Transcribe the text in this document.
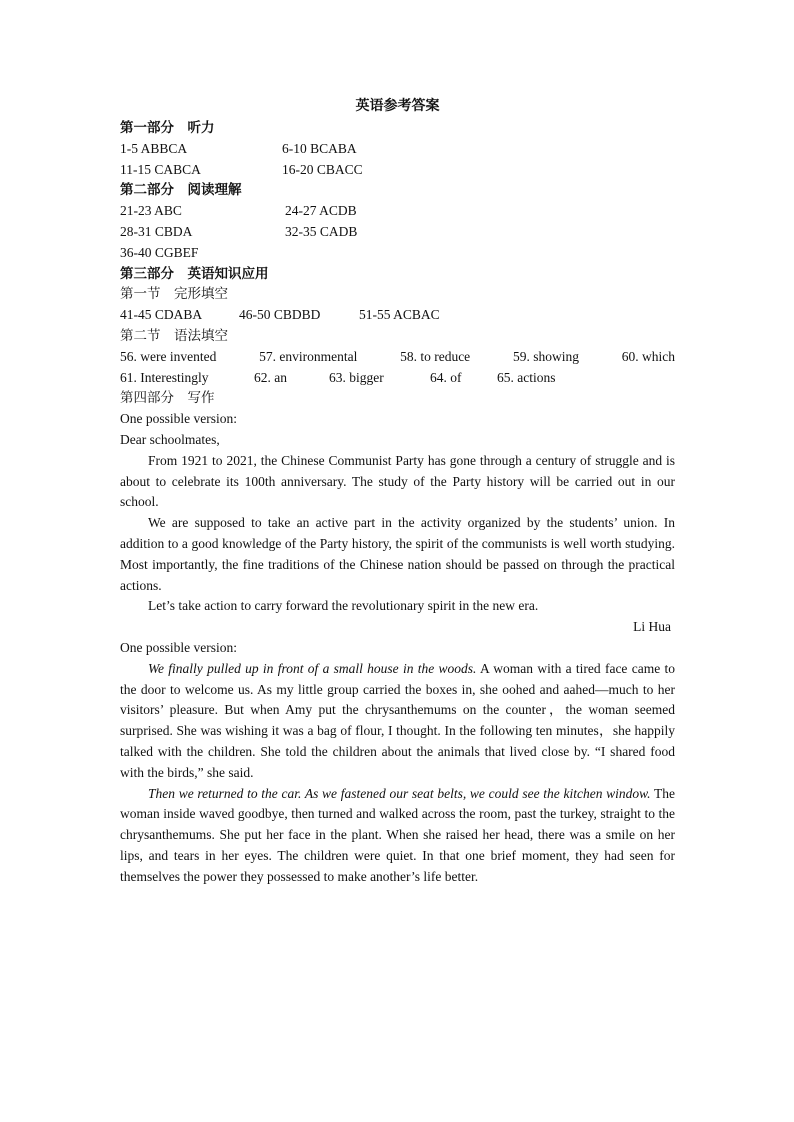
英语参考答案
第一部分　听力
1-5 ABBCA	6-10 BCABA
11-15 CABCA	16-20 CBACC
第二部分　阅读理解
21-23 ABC	24-27 ACDB
28-31 CBDA	32-35 CADB
36-40 CGBEF
第三部分　英语知识应用
第一节　完形填空
41-45 CDABA	46-50 CBDBD	51-55 ACBAC
第二节　语法填空
56. were invented	57. environmental	58. to reduce	59. showing	60. which
61. Interestingly	62. an	63. bigger	64. of	65. actions
第四部分　写作
One possible version:
Dear schoolmates,

From 1921 to 2021, the Chinese Communist Party has gone through a century of struggle and is about to celebrate its 100th anniversary. The study of the Party history will be carried out in our school.

We are supposed to take an active part in the activity organized by the students’ union. In addition to a good knowledge of the Party history, the spirit of the communists is well worth studying. Most importantly, the fine traditions of the Chinese nation should be passed on through the practical actions.

Let’s take action to carry forward the revolutionary spirit in the new era.

Li Hua
One possible version:

We finally pulled up in front of a small house in the woods. A woman with a tired face came to the door to welcome us. As my little group carried the boxes in, she oohed and aahed—much to her visitors’ pleasure. But when Amy put the chrysanthemums on the counter，the woman seemed surprised. She was wishing it was a bag of flour, I thought. In the following ten minutes，she happily talked with the children. She told the children about the animals that lived close by. “I shared food with the birds,” she said.

Then we returned to the car. As we fastened our seat belts, we could see the kitchen window. The woman inside waved goodbye, then turned and walked across the room, past the turkey, straight to the chrysanthemums. She put her face in the plant. When she raised her head, there was a smile on her lips, and tears in her eyes. The children were quiet. In that one brief moment, they had seen for themselves the power they possessed to make another’s life better.
